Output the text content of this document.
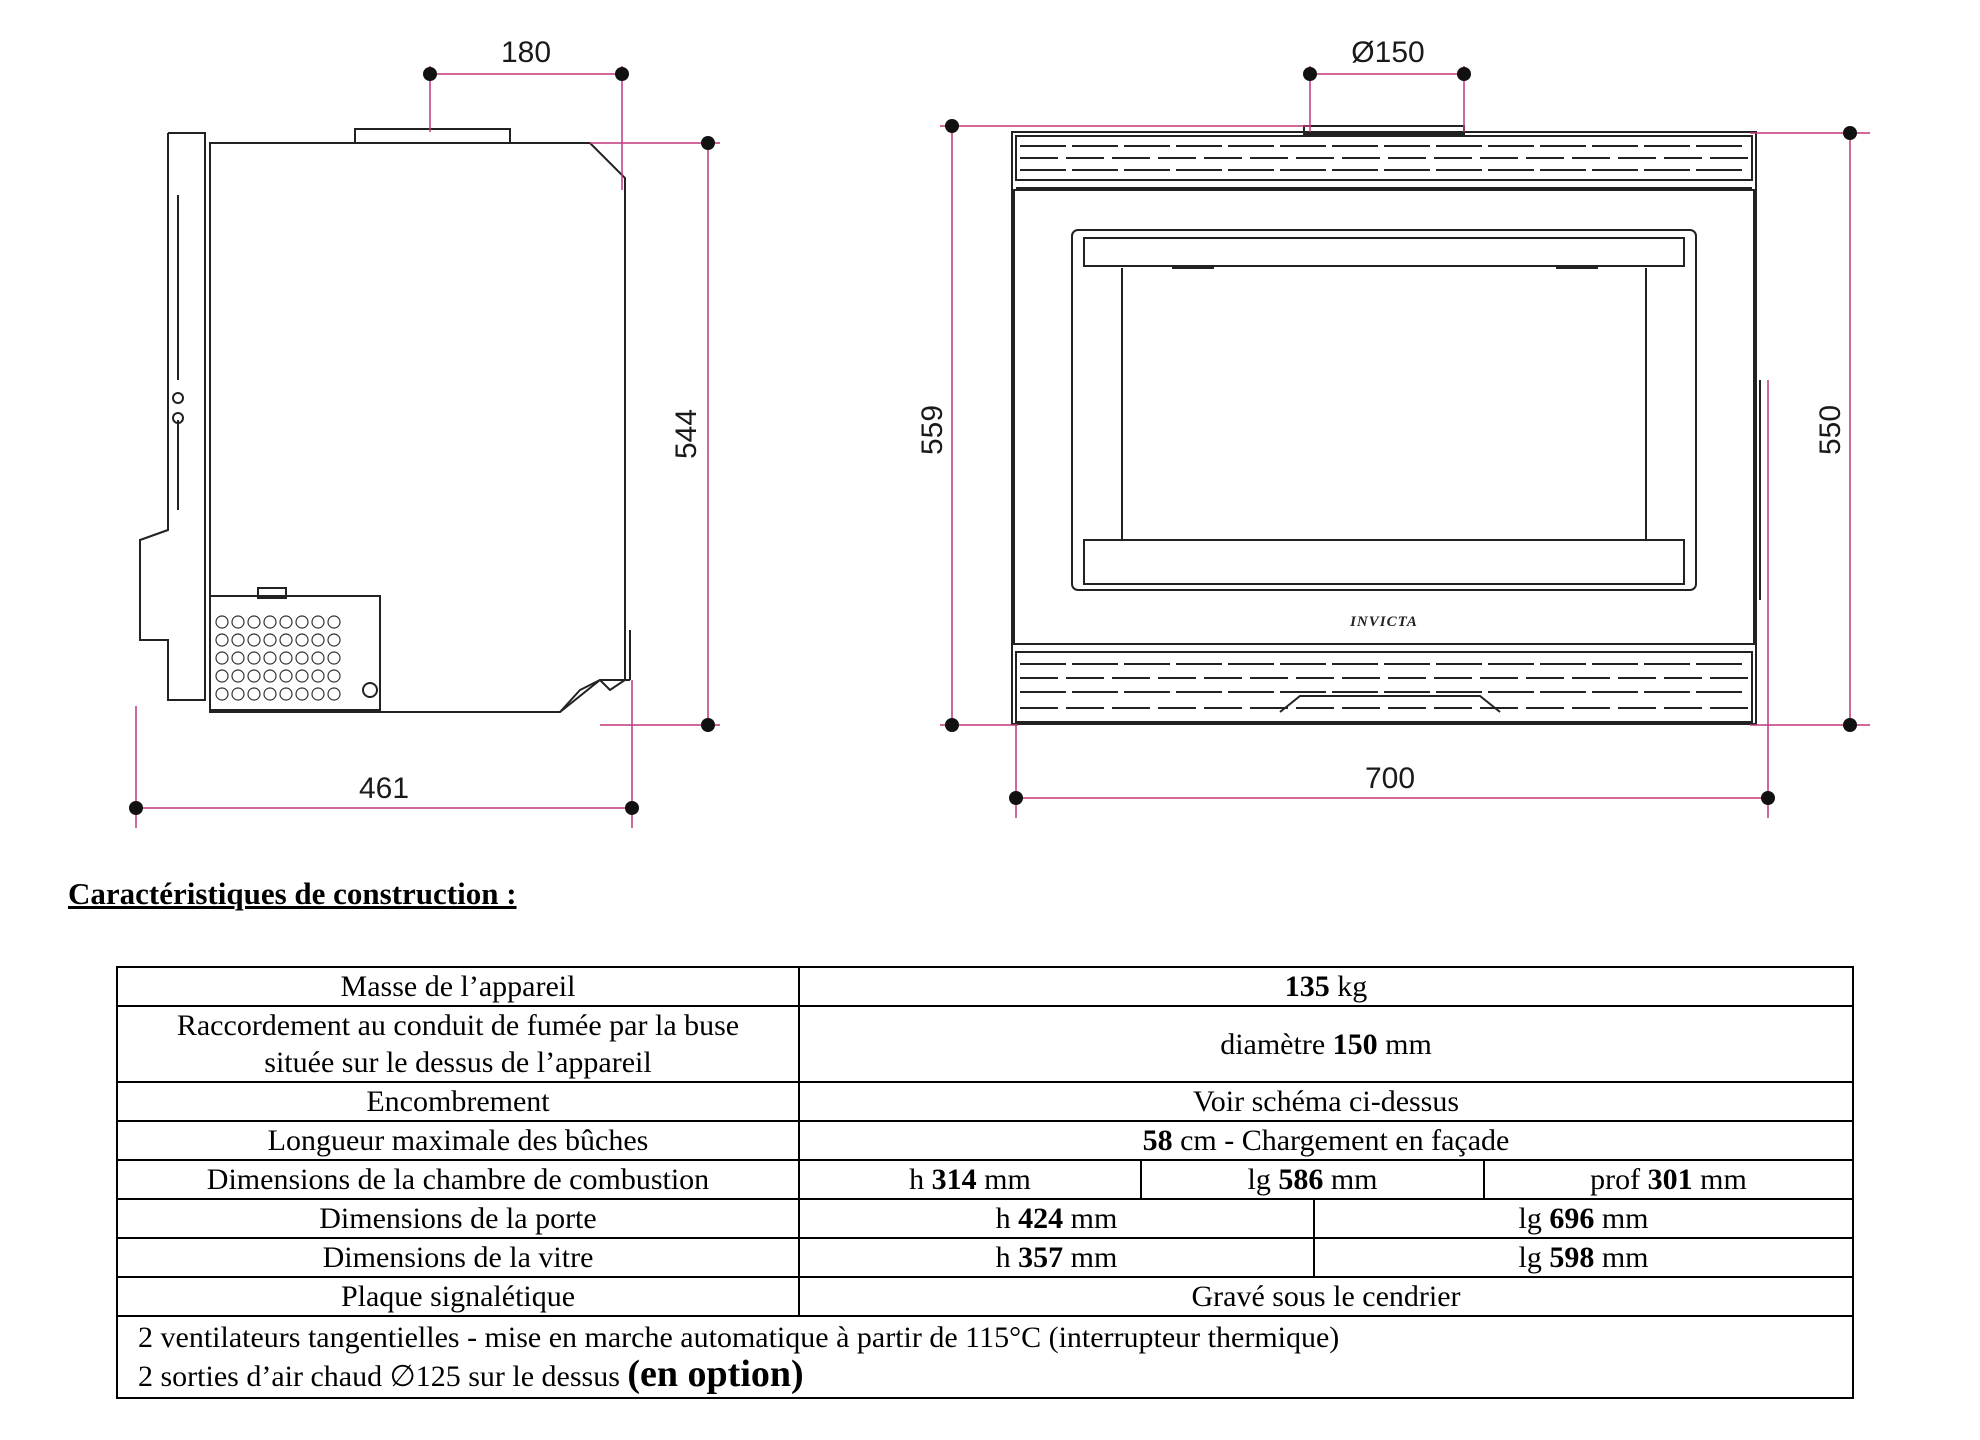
180
544
461
INVICTA
Ø150
559	550
700
Caractéristiques de construction :
Masse de l’appareil	135 kg			
Raccordement au conduit de fumée par la buse
située sur le dessus de l’appareil	diamètre 150 mm			
Encombrement	Voir schéma ci-dessus			
Longueur maximale des bûches	58 cm - Chargement en façade			
Dimensions de la chambre de combustion	h 314 mm	lg 586 mm		prof 301 mm
Dimensions de la porte	h 424 mm		lg 696 mm	
Dimensions de la vitre	h 357 mm		lg 598 mm	
Plaque signalétique	Gravé sous le cendrier			
2 ventilateurs tangentielles - mise en marche automatique à partir de 115°C (interrupteur thermique)
2 sorties d’air chaud ∅125 sur le dessus (en option)				
